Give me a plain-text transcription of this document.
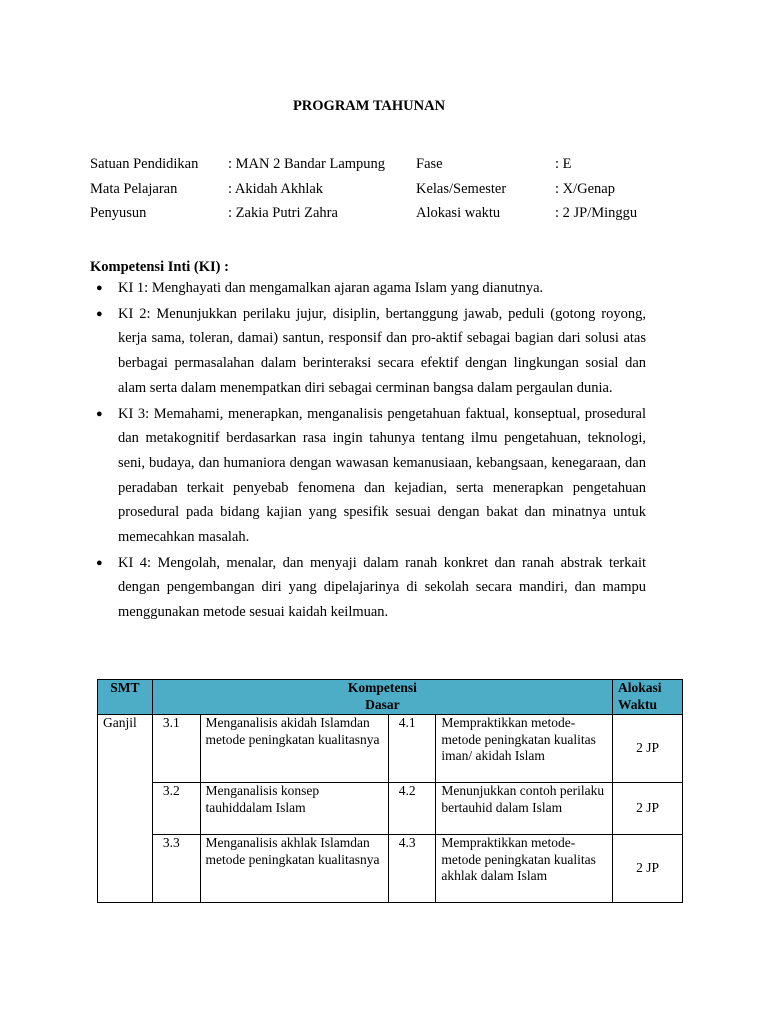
PROGRAM TAHUNAN
Satuan Pendidikan : MAN 2 Bandar Lampung Fase	: E
Mata Pelajaran	: Akidah Akhlak	Kelas/Semester	: X/Genap
Penyusun	: Zakia Putri Zahra	Alokasi waktu	: 2 JP/Minggu
Kompetensi Inti (KI) :
● KI 1: Menghayati dan mengamalkan ajaran agama Islam yang dianutnya.
● KI 2: Menunjukkan perilaku jujur, disiplin, bertanggung jawab, peduli (gotong royong, kerja sama, toleran, damai) santun, responsif dan pro-aktif sebagai bagian dari solusi atas berbagai permasalahan dalam berinteraksi secara efektif dengan lingkungan sosial dan alam serta dalam menempatkan diri sebagai cerminan bangsa dalam pergaulan dunia.
● KI 3: Memahami, menerapkan, menganalisis pengetahuan faktual, konseptual, prosedural dan metakognitif berdasarkan rasa ingin tahunya tentang ilmu pengetahuan, teknologi, seni, budaya, dan humaniora dengan wawasan kemanusiaan, kebangsaan, kenegaraan, dan peradaban terkait penyebab fenomena dan kejadian, serta menerapkan pengetahuan prosedural pada bidang kajian yang spesifik sesuai dengan bakat dan minatnya untuk memecahkan masalah.
● KI 4: Mengolah, menalar, dan menyaji dalam ranah konkret dan ranah abstrak terkait dengan pengembangan diri yang dipelajarinya di sekolah secara mandiri, dan mampu menggunakan metode sesuai kaidah keilmuan.
SMT	Kompetensi Dasar				Alokasi Waktu

Ganjil	3.1	Menganalisis akidah Islamdan metode peningkatan kualitasnya	4.1	Mempraktikkan metode-metode peningkatan kualitas iman/ akidah Islam	2 JP
	3.2	Menganalisis konsep tauhiddalam Islam	4.2	Menunjukkan contoh perilaku bertauhid dalam Islam	2 JP
	3.3	Menganalisis akhlak Islamdan metode peningkatan kualitasnya	4.3	Mempraktikkan metode-metode peningkatan kualitas akhlak dalam Islam	2 JP
